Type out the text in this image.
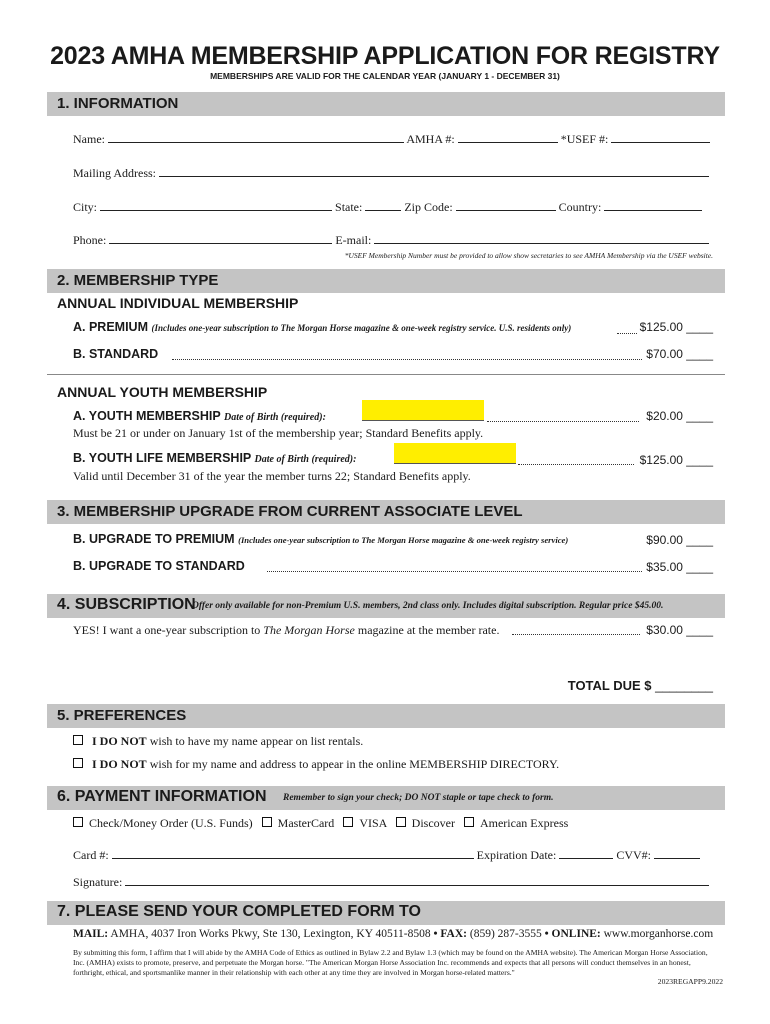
2023 AMHA MEMBERSHIP APPLICATION FOR REGISTRY
MEMBERSHIPS ARE VALID FOR THE CALENDAR YEAR (JANUARY 1 - DECEMBER 31)
1. INFORMATION
Name:	AMHA #:	*USEF #:
Mailing Address:
City:	State:	Zip Code:	Country:
Phone:	E-mail:
*USEF Membership Number must be provided to allow show secretaries to see AMHA Membership via the USEF website.
2. MEMBERSHIP TYPE
ANNUAL INDIVIDUAL MEMBERSHIP
A. PREMIUM (Includes one-year subscription to The Morgan Horse magazine & one-week registry service. U.S. residents only)	$125.00 ____
B. STANDARD	$70.00 ____
ANNUAL YOUTH MEMBERSHIP
A. YOUTH MEMBERSHIP Date of Birth (required):	$20.00 ____
Must be 21 or under on January 1st of the membership year; Standard Benefits apply.
B. YOUTH LIFE MEMBERSHIP Date of Birth (required):	$125.00 ____
Valid until December 31 of the year the member turns 22; Standard Benefits apply.
3. MEMBERSHIP UPGRADE FROM CURRENT ASSOCIATE LEVEL
B. UPGRADE TO PREMIUM (Includes one-year subscription to The Morgan Horse magazine & one-week registry service)	$90.00 ____
B. UPGRADE TO STANDARD	$35.00 ____
4. SUBSCRIPTION
Offer only available for non-Premium U.S. members, 2nd class only. Includes digital subscription. Regular price $45.00.
YES! I want a one-year subscription to The Morgan Horse magazine at the member rate.	$30.00 ____
TOTAL DUE $ ________
5. PREFERENCES
I DO NOT wish to have my name appear on list rentals.
I DO NOT wish for my name and address to appear in the online MEMBERSHIP DIRECTORY.
6. PAYMENT INFORMATION Remember to sign your check; DO NOT staple or tape check to form.
Check/Money Order (U.S. Funds) MasterCard VISA Discover American Express
Card #:	Expiration Date:	CVV#:
Signature:
7. PLEASE SEND YOUR COMPLETED FORM TO
MAIL: AMHA, 4037 Iron Works Pkwy, Ste 130, Lexington, KY 40511-8508 • FAX: (859) 287-3555 • ONLINE: www.morganhorse.com
By submitting this form, I affirm that I will abide by the AMHA Code of Ethics as outlined in Bylaw 2.2 and Bylaw 1.3 (which may be found on the AMHA website). The American Morgan Horse Association, Inc. (AMHA) exists to promote, preserve, and perpetuate the Morgan horse. "The American Morgan Horse Association Inc. recommends and expects that all persons will conduct themselves in an honest, forthright, ethical, and sportsmanlike manner in their relationship with each other at any time they are involved in Morgan horse-related matters."
2023REGAPP9.2022
